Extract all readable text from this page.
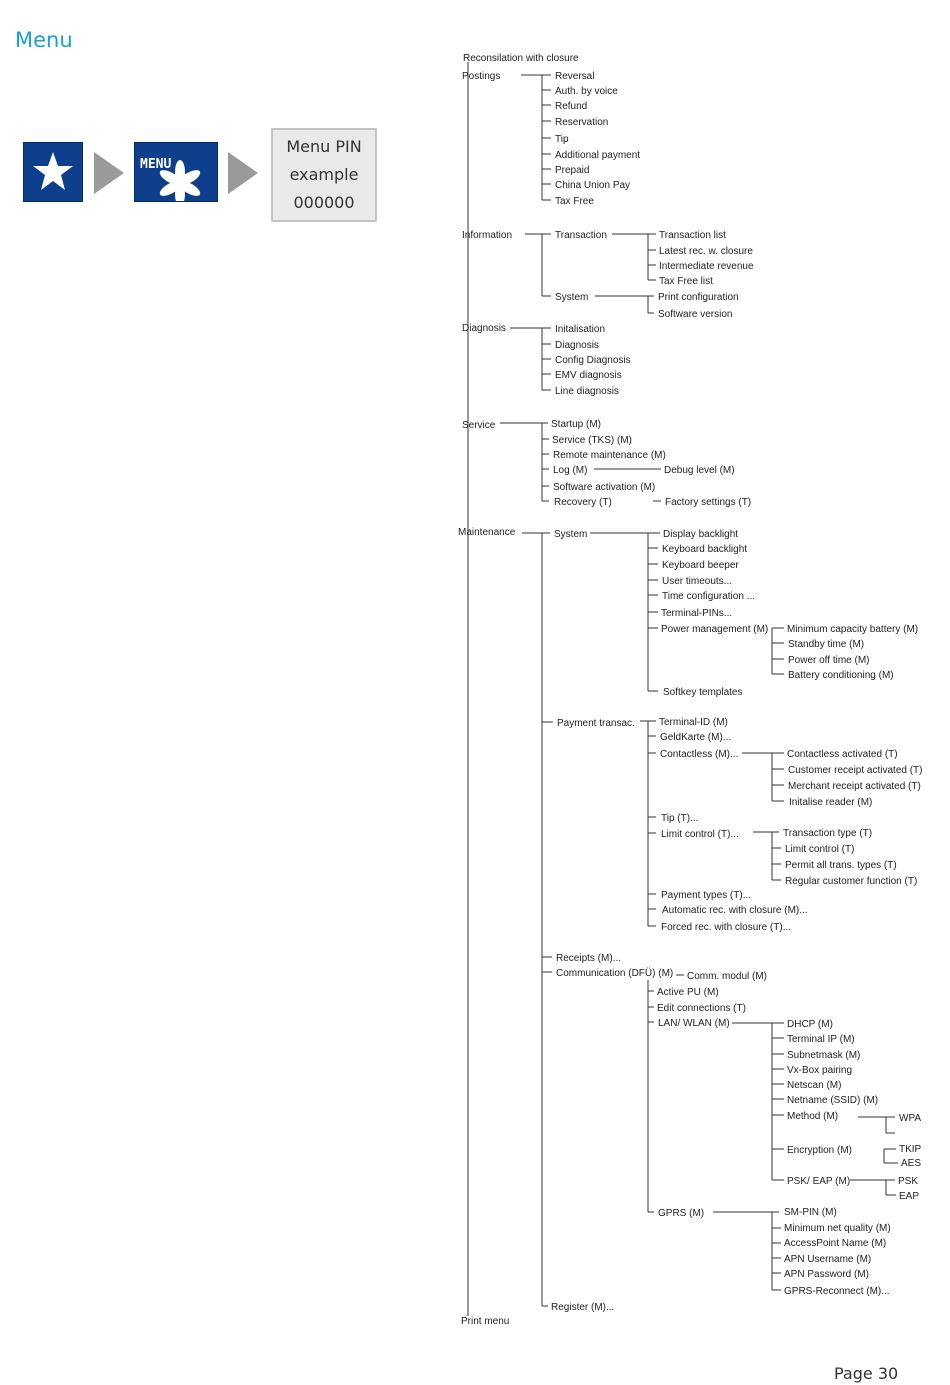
Menu
MENU
Menu PIN
example
000000
Reconsilation with closure
Postings	Reversal
Auth. by voice
Refund
Reservation
Tip
Additional payment
Prepaid
China Union Pay
Tax Free
Information	Transaction	Transaction list
Latest rec. w. closure
Intermediate revenue
Tax Free list
System	Print configuration
Software version
Diagnosis	Initalisation
Diagnosis
Config Diagnosis
EMV diagnosis
Line diagnosis
Service	Startup (M)
Service (TKS) (M)
Remote maintenance (M)
Log (M)
Software activation (M)
Recovery (T)
Debug level (M)
Factory settings (T)
Maintenance	System	Display backlight
Keyboard backlight
Keyboard beeper
User timeouts...
Time configuration ...
Terminal-PINs...
Power management (M)
Softkey templates
Minimum capacity battery (M)
Standby time (M)
Power off time (M)
Battery conditioning (M)
Payment transac. Terminal-ID (M)
GeldKarte (M)...
Contactless (M)...
Tip (T)...
Limit control (T)...
Payment types (T)...
Automatic rec. with closure (M)...
Forced rec. with closure (T)...
Contactless activated (T)
Customer receipt activated (T)
Merchant receipt activated (T)
Initalise reader (M)
Transaction type (T)
Limit control (T)
Permit all trans. types (T)
Regular customer function (T)
Receipts (M)...
Communication (DFÜ) (M) Comm. modul (M)
Active PU (M)
Edit connections (T)
LAN/ WLAN (M)
GPRS (M)
DHCP (M)
Terminal IP (M)
Subnetmask (M)
Vx-Box pairing
Netscan (M)
Netname (SSID) (M)
Method (M)
Encryption (M)
PSK/ EAP (M)
WPA
TKIP
AES
PSK
EAP
SM-PIN (M)
Minimum net quality (M)
AccessPoint Name (M)
APN Username (M)
APN Password (M)
GPRS-Reconnect (M)...
Register (M)...
Print menu
Page 30
